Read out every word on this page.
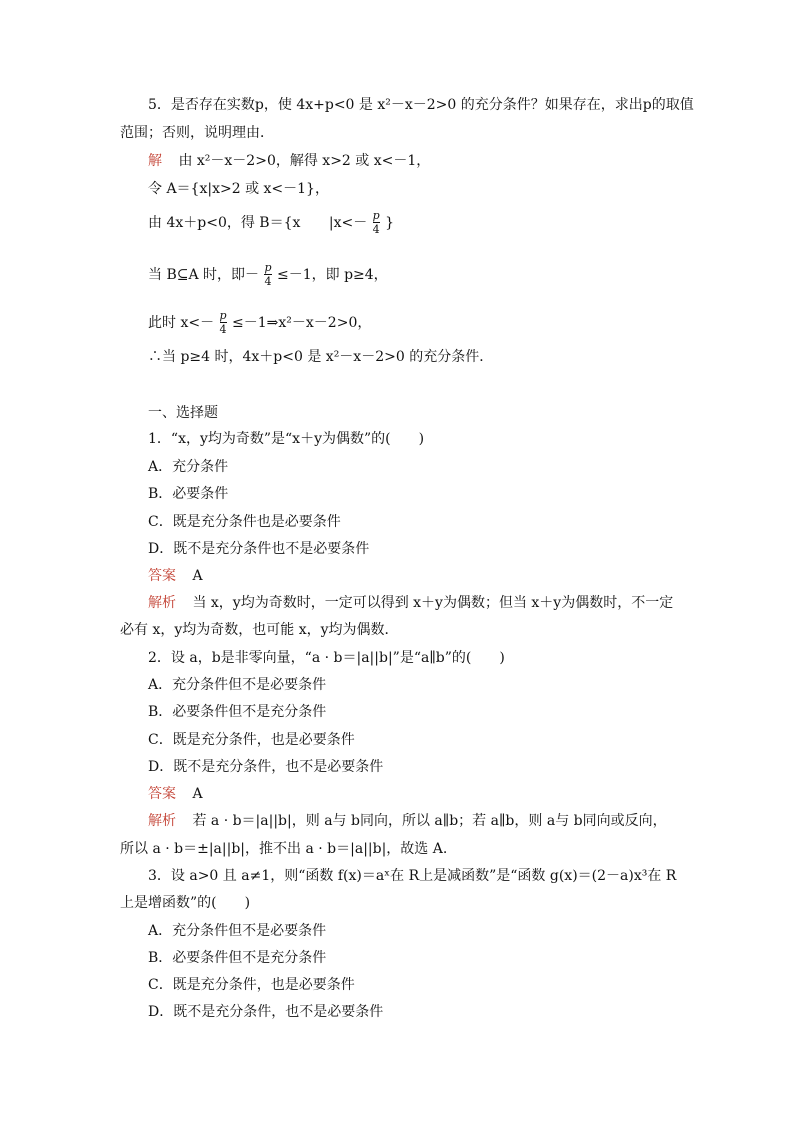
5．是否存在实数p，使 4x+p<0 是 x²－x－2>0 的充分条件？如果存在，求出p的取值
范围；否则，说明理由．
解 由 x²－x－2>0，解得 x>2 或 x<－1，
令 A＝{x|x>2 或 x<－1}，
由 4x＋p<0，得 B＝{x $|x<- \frac{p}{4}$ }
当 B⊆A 时，即－ $\frac{p}{4} \le-1$，即 p≥4，
此时 $x<- \frac{p}{4}$ ≤－1⇒x²－x－2>0，
∴当 p≥4 时，4x＋p<0 是 x²－x－2>0 的充分条件．
一、选择题
1．“x，y均为奇数”是“x＋y为偶数”的(　　)
A．充分条件
B．必要条件
C．既是充分条件也是必要条件
D．既不是充分条件也不是必要条件
答案 A
解析 当 x，y均为奇数时，一定可以得到 x＋y为偶数；但当 x＋y为偶数时，不一定
必有 x，y均为奇数，也可能 x，y均为偶数．
2．设 a，b是非零向量，“a · b＝|a||b|”是“a∥b”的(　　)
A．充分条件但不是必要条件
B．必要条件但不是充分条件
C．既是充分条件，也是必要条件
D．既不是充分条件，也不是必要条件
答案 A
解析 若 a · b＝|a||b|，则 a与 b同向，所以 a∥b；若 a∥b，则 a与 b同向或反向，
所以 a · b＝±|a||b|，推不出 a · b＝|a||b|，故选 A.
3．设 a>0 且 a≠1，则“函数 f(x)＝aˣ在 R上是减函数”是“函数 g(x)＝(2－a)x³在 R
上是增函数”的(　　)
A．充分条件但不是必要条件
B．必要条件但不是充分条件
C．既是充分条件，也是必要条件
D．既不是充分条件，也不是必要条件
